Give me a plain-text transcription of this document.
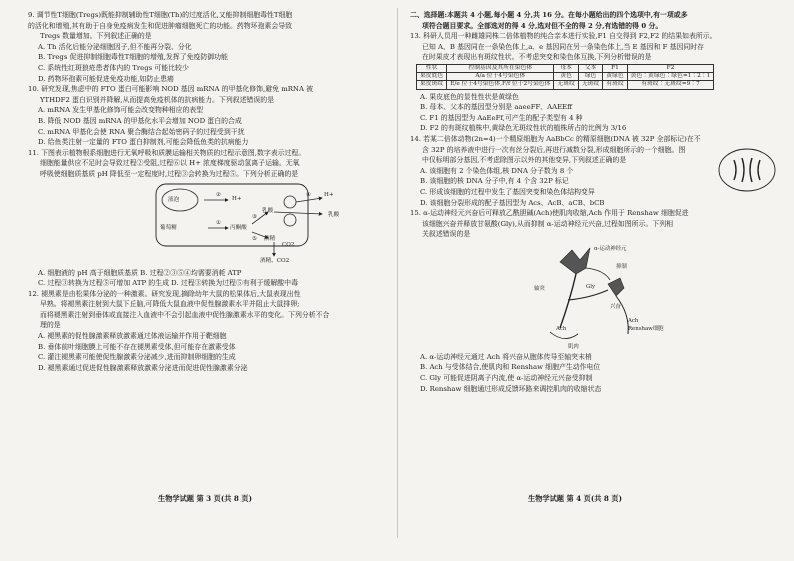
9. 调节性T细胞(Tregs)既能抑制辅助性T细胞(Th)的过度活化,又能抑制细胞毒性T细胞

的活化和增殖,其有助于自身免疫病发生和促进肿瘤细胞死亡的功能。药物环孢素会导致

Tregs 数量增加。下列叙述正确的是

A. Th 活化后能分泌细胞因子,但不能再分裂、分化

B. Tregs 促进抑制细胞毒性T细胞的增殖,发挥了免疫防御功能

C. 系统性红斑狼疮患者体内的 Tregs 可能比较少

D. 药物环孢素可能促进免疫功能,如防止患癌

10. 研究发现,焦虑中的 FTO 蛋白可能影响 NOD 基因 mRNA 的甲基化修饰,避免 mRNA 被

YTHDF2 蛋白识别并降解,从而提高免疫机体的抗病能力。下列叙述错误的是

A. mRNA 发生甲基化修饰可能会改变物种相应的表型

B. 降低 NOD 基因 mRNA 的甲基化水平会增加 NOD 蛋白的合成

C. mRNA 甲基化会使 RNA 聚合酶结合起始密码子的过程受到干扰

D. 给鱼类注射一定量的 FTO 蛋白抑制剂,可能会降低鱼类的抗病能力

11. 下图表示植物根系细胞进行无氧呼吸和质膜运输相关物质的过程示意图,数字表示过程。

细胞能量供应不足时会导致过程②受阻,过程⑥以 H+ 浓度梯度驱动氢离子运输。无氧

呼吸使细胞质基质 pH 降低至一定程度时,过程③会转换为过程⑤。下列分析正确的是

液泡	H+
H+
葡萄糖	丙酮酸
乳酸
乳酸
酒精
CO2
酒精、CO2
①
②
③
④
⑤

A. 细胞液的 pH 高于细胞质基质 B. 过程②③⑤④均需要消耗 ATP

C. 过程③转换为过程⑤可增加 ATP 的生成 D. 过程③转换为过程⑤有利于缓解酸中毒

12. 褪黑素是由松果体分泌的一种激素。研究发现,摘除幼年大鼠的松果体后,大鼠表现出性

早熟。将褪黑素注射到大鼠下丘脑,可降低大鼠血液中促性腺激素水平并阻止大鼠排卵;

而将褪黑素注射到垂体或直接注入血液中不会引起血液中促性腺激素水平的变化。下列分析不合

理的是

A. 褪黑素的促性腺激素释放激素通过体液运输并作用于靶细胞

B. 垂体前叶细胞膜上可能不存在褪黑素受体,但可能存在激素受体

C. 灌注褪黑素可能使促性腺激素分泌减少,进而抑制卵细胞的生成

D. 褪黑素通过促进促性腺激素释放激素分泌进而促进促性腺激素分泌

二、选择题:本题共 4 小题,每小题 4 分,共 16 分。在每小题给出的四个选项中,有一项或多

项符合题目要求。全部选对的得 4 分,选对但不全的得 2 分,有选错的得 0 分。

13. 科研人员用一种雌雄同株二倍体植物的纯合亲本进行实验,F1 自交得到 F2,F2 的结果如表所示。

已知 A、B 基因同在一条染色体上,a、e 基因同在另一条染色体上,当 E 基因和 F 基因同时存

在时果皮才表现出有斑纹性状。不考虑突变和染色体互换,下列分析错误的是

性状	控制基因及其所在染色体	母本	父本	F1	F2
果皮底色	A/a 位于4号染色体	黄色	绿色	黄绿色	黄色∶黄绿色∶绿色=1∶2∶1
果皮斑纹	E/e 位于4号染色体,F/f 位于2号染色体	无斑纹	无斑纹	有斑纹	有斑纹∶无斑纹=9∶7

A. 果皮底色的显性性状是黄绿色

B. 母本、父本的基因型分别是 aaeeFF、AAEEff

C. F1 的基因型为 AaEeFf,可产生的配子类型有 4 种

D. F2 的有斑纹植株中,黄绿色无斑纹性状的植株所占的比例为 3/16

14. 若某二倍体动物(2n=4)一个精原细胞为 AaBbCc 的精原细胞(DNA 被 32P 全部标记)在不

含 32P 的培养液中进行一次有丝分裂后,再进行减数分裂,形成细胞所示的一个细胞。图

中仅标明部分基因,不考虑除图示以外的其他变异,下列叙述正确的是

A. 该细胞有 2 个染色体组,核 DNA 分子数为 8 个

B. 该细胞的核 DNA 分子中,有 4 个含 32P 标记

C. 形成该细胞的过程中发生了基因突变和染色体结构变异

D. 该细胞分裂形成的配子基因型为 Acs、AcB、aCB、bCB

15. α-运动神经元兴奋后可释放乙酰胆碱(Ach)使肌肉收缩,Ach 作用于 Renshaw 细胞促进

该细胞兴奋并释放甘氨酸(Gly),从而抑制 α-运动神经元兴奋,过程如图所示。下列相

关叙述错误的是

α-运动神经元
抑制
轴突	Gly
兴奋
Ach
Ach
Renshaw细胞
肌肉

A. α-运动神经元通过 Ach 将兴奋从胞体传导至轴突末梢

B. Ach 与受体结合,使肌肉和 Renshaw 细胞产生动作电位

C. Gly 可能促进阴离子内流,使 α-运动神经元兴奋受抑制

D. Renshaw 细胞通过形成反馈环路来调控肌肉的收缩状态

生物学试题 第 3 页(共 8 页)	生物学试题 第 4 页(共 8 页)
